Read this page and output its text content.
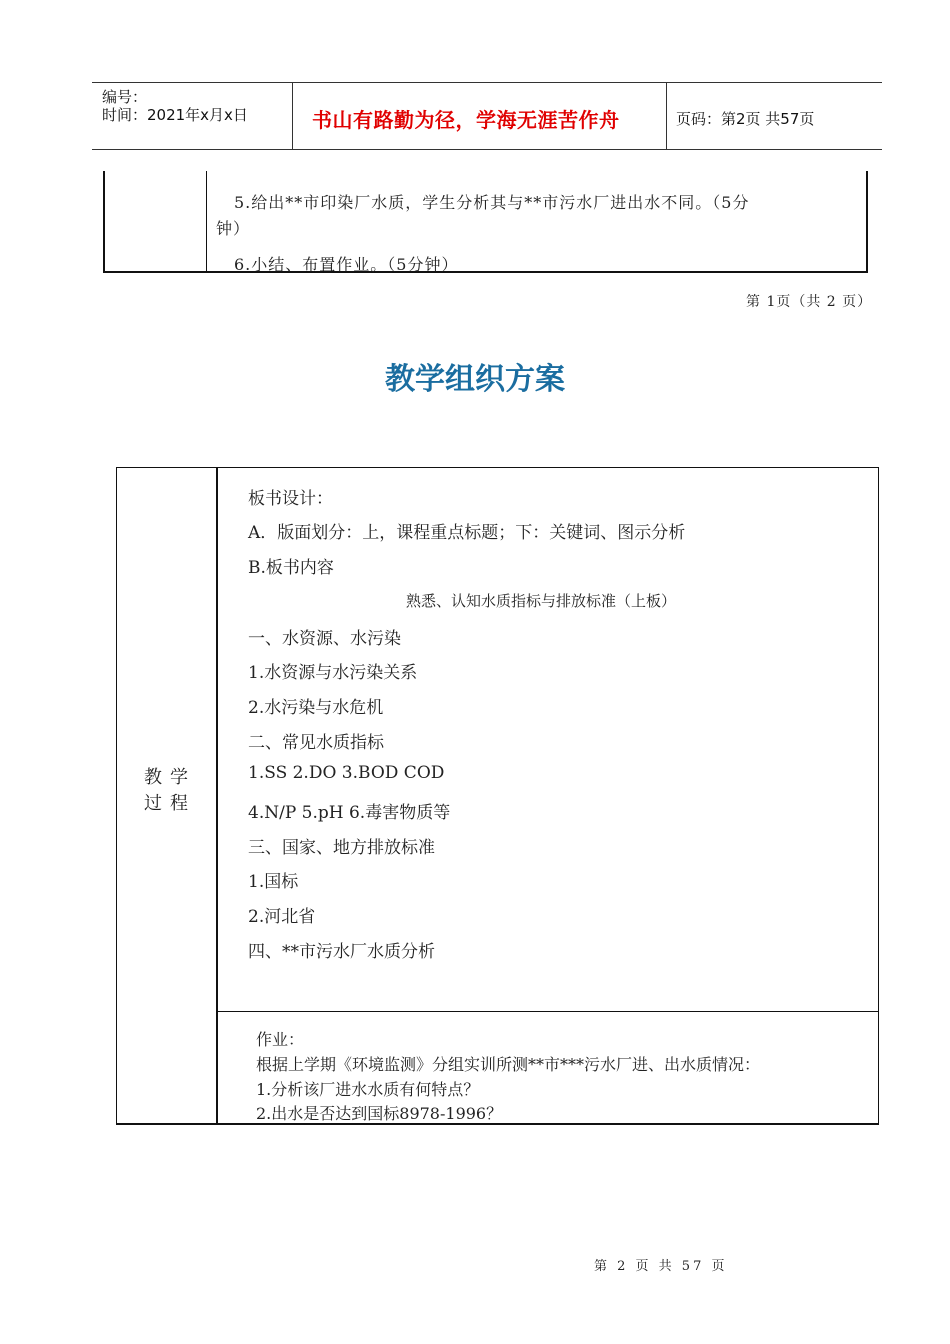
编号：
时间：2021年x月x日	书山有路勤为径，学海无涯苦作舟	页码：第2页 共57页
5.给出**市印染厂水质，学生分析其与**市污水厂进出水不同。（5分
钟）
6.小结、布置作业。（5分钟）
第 1页（共 2 页）
教学组织方案
教学
过程
板书设计：
A．版面划分：上，课程重点标题；下：关键词、图示分析
B.板书内容
熟悉、认知水质指标与排放标准（上板）
一、水资源、水污染
1.水资源与水污染关系
2.水污染与水危机
二、常见水质指标
1.SS 2.DO 3.BOD COD
4.N/P 5.pH 6.毒害物质等
三、国家、地方排放标准
1.国标
2.河北省
四、**市污水厂水质分析
作业：
根据上学期《环境监测》分组实训所测**市***污水厂进、出水质情况：
1.分析该厂进水水质有何特点？
2.出水是否达到国标8978-1996？
第 2 页 共 57 页
